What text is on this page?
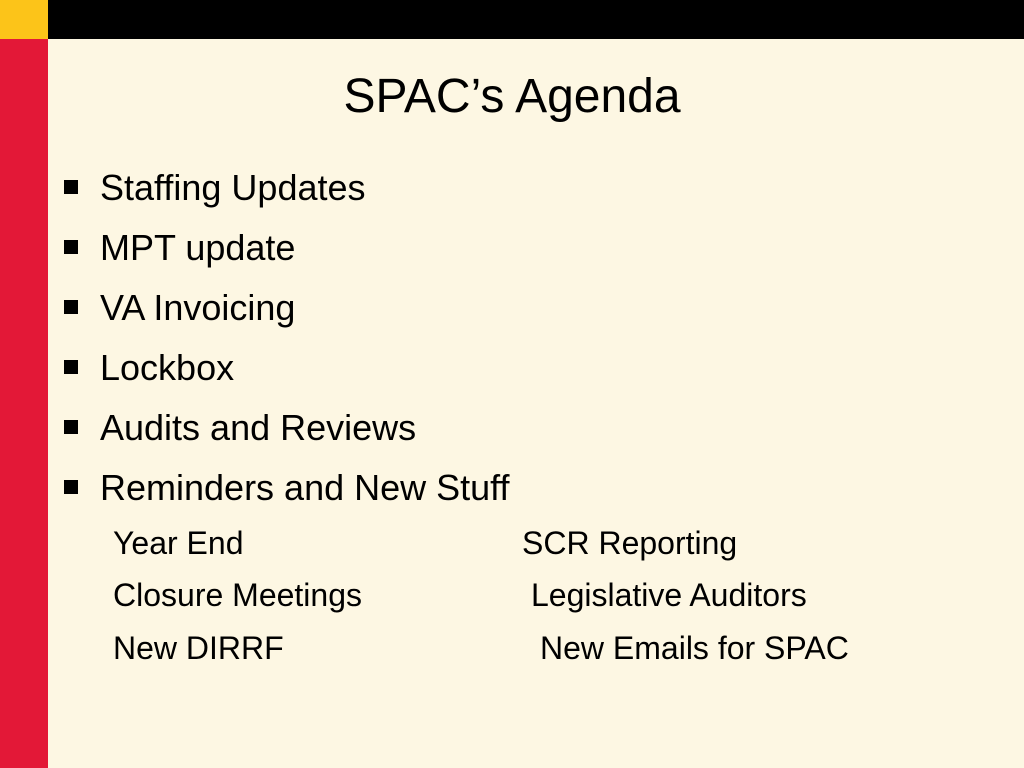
SPAC’s Agenda
Staffing Updates
MPT update
VA Invoicing
Lockbox
Audits and Reviews
Reminders and New Stuff
Year End
Closure Meetings
New DIRRF
SCR Reporting
Legislative Auditors
New Emails for SPAC
